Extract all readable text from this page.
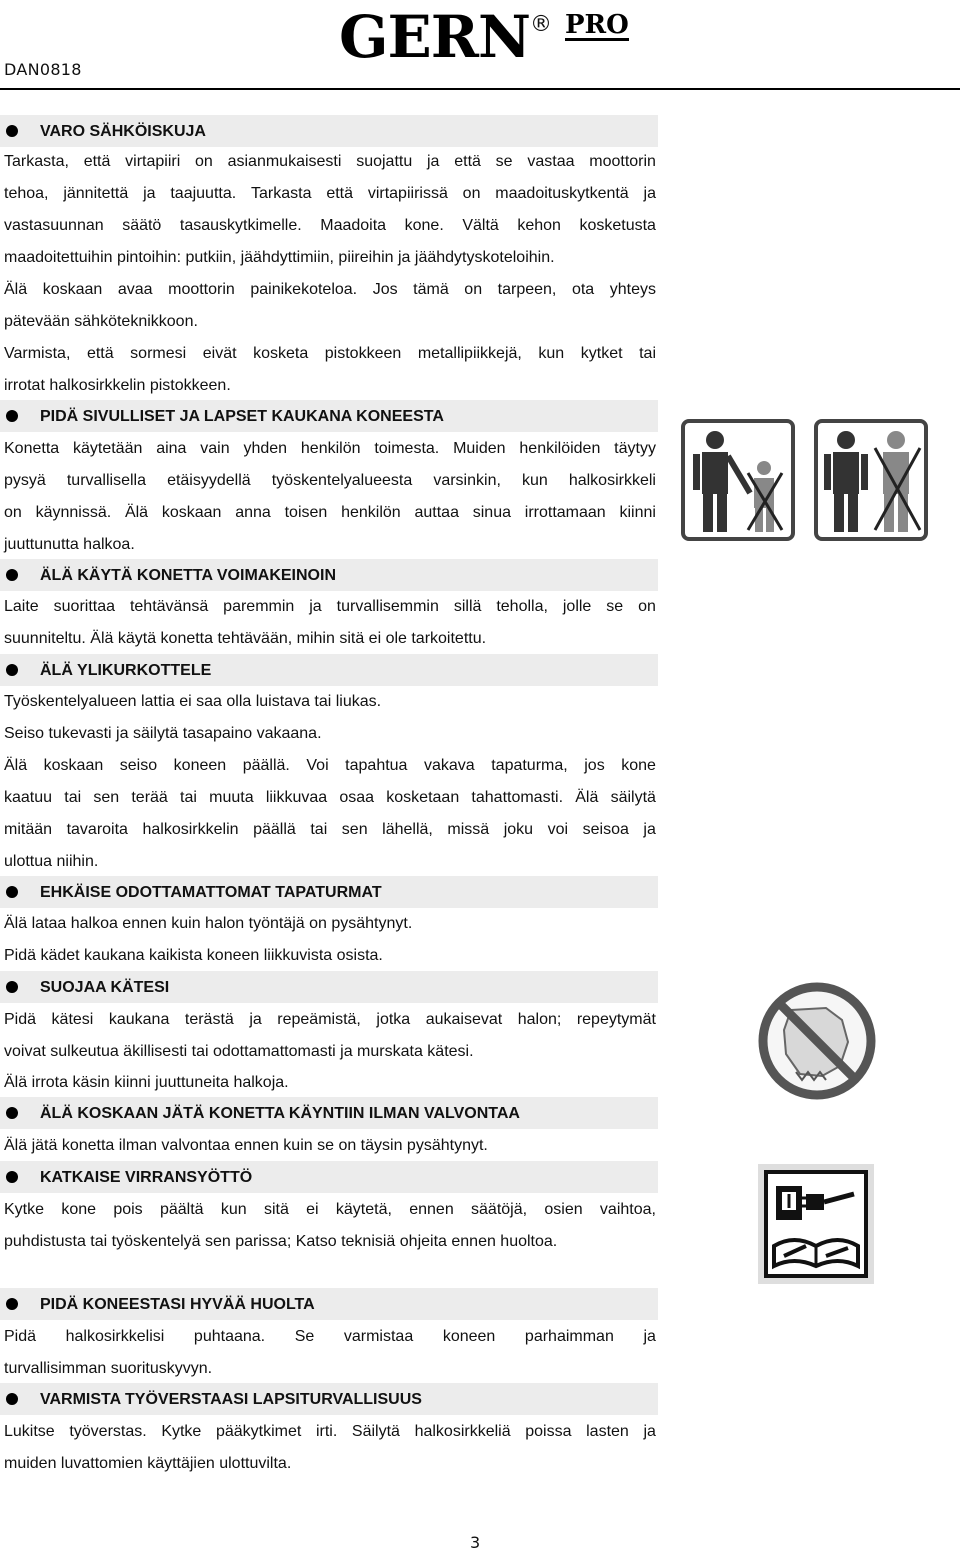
DAN0818	GERN ® PRO
VARO SÄHKÖISKUJA
Tarkasta, että virtapiiri on asianmukaisesti suojattu ja että se vastaa moottorin
tehoa, jännitettä ja taajuutta. Tarkasta että virtapiirissä on maadoituskytkentä ja
vastasuunnan säätö tasauskytkimelle. Maadoita kone. Vältä kehon kosketusta
maadoitettuihin pintoihin: putkiin, jäähdyttimiin, piireihin ja jäähdytyskoteloihin.
Älä koskaan avaa moottorin painikekoteloa. Jos tämä on tarpeen, ota yhteys
pätevään sähköteknikkoon.
Varmista, että sormesi eivät kosketa pistokkeen metallipiikkejä, kun kytket tai
irrotat halkosirkkelin pistokkeen.
PIDÄ SIVULLISET JA LAPSET KAUKANA KONEESTA
Konetta käytetään aina vain yhden henkilön toimesta. Muiden henkilöiden täytyy
pysyä turvallisella etäisyydellä työskentelyalueesta varsinkin, kun halkosirkkeli
on käynnissä. Älä koskaan anna toisen henkilön auttaa sinua irrottamaan kiinni
juuttunutta halkoa.
ÄLÄ KÄYTÄ KONETTA VOIMAKEINOIN
Laite suorittaa tehtävänsä paremmin ja turvallisemmin sillä teholla, jolle se on
suunniteltu. Älä käytä konetta tehtävään, mihin sitä ei ole tarkoitettu.
ÄLÄ YLIKURKOTTELE
Työskentelyalueen lattia ei saa olla luistava tai liukas.
Seiso tukevasti ja säilytä tasapaino vakaana.
Älä koskaan seiso koneen päällä. Voi tapahtua vakava tapaturma, jos kone
kaatuu tai sen terää tai muuta liikkuvaa osaa kosketaan tahattomasti. Älä säilytä
mitään tavaroita halkosirkkelin päällä tai sen lähellä, missä joku voi seisoa ja
ulottua niihin.
EHKÄISE ODOTTAMATTOMAT TAPATURMAT
Älä lataa halkoa ennen kuin halon työntäjä on pysähtynyt.
Pidä kädet kaukana kaikista koneen liikkuvista osista.
SUOJAA KÄTESI
Pidä kätesi kaukana terästä ja repeämistä, jotka aukaisevat halon; repeytymät
voivat sulkeutua äkillisesti tai odottamattomasti ja murskata kätesi.
Älä irrota käsin kiinni juuttuneita halkoja.
ÄLÄ KOSKAAN JÄTÄ KONETTA KÄYNTIIN ILMAN VALVONTAA
Älä jätä konetta ilman valvontaa ennen kuin se on täysin pysähtynyt.
KATKAISE VIRRANSYÖTTÖ
Kytke kone pois päältä kun sitä ei käytetä, ennen säätöjä, osien vaihtoa,
puhdistusta tai työskentelyä sen parissa; Katso teknisiä ohjeita ennen huoltoa.
PIDÄ KONEESTASI HYVÄÄ HUOLTA
Pidä halkosirkkelisi puhtaana. Se varmistaa koneen parhaimman ja
turvallisimman suorituskyvyn.
VARMISTA TYÖVERSTAASI LAPSITURVALLISUUS
Lukitse työverstas. Kytke pääkytkimet irti. Säilytä halkosirkkeliä poissa lasten ja
muiden luvattomien käyttäjien ulottuvilta.
3
